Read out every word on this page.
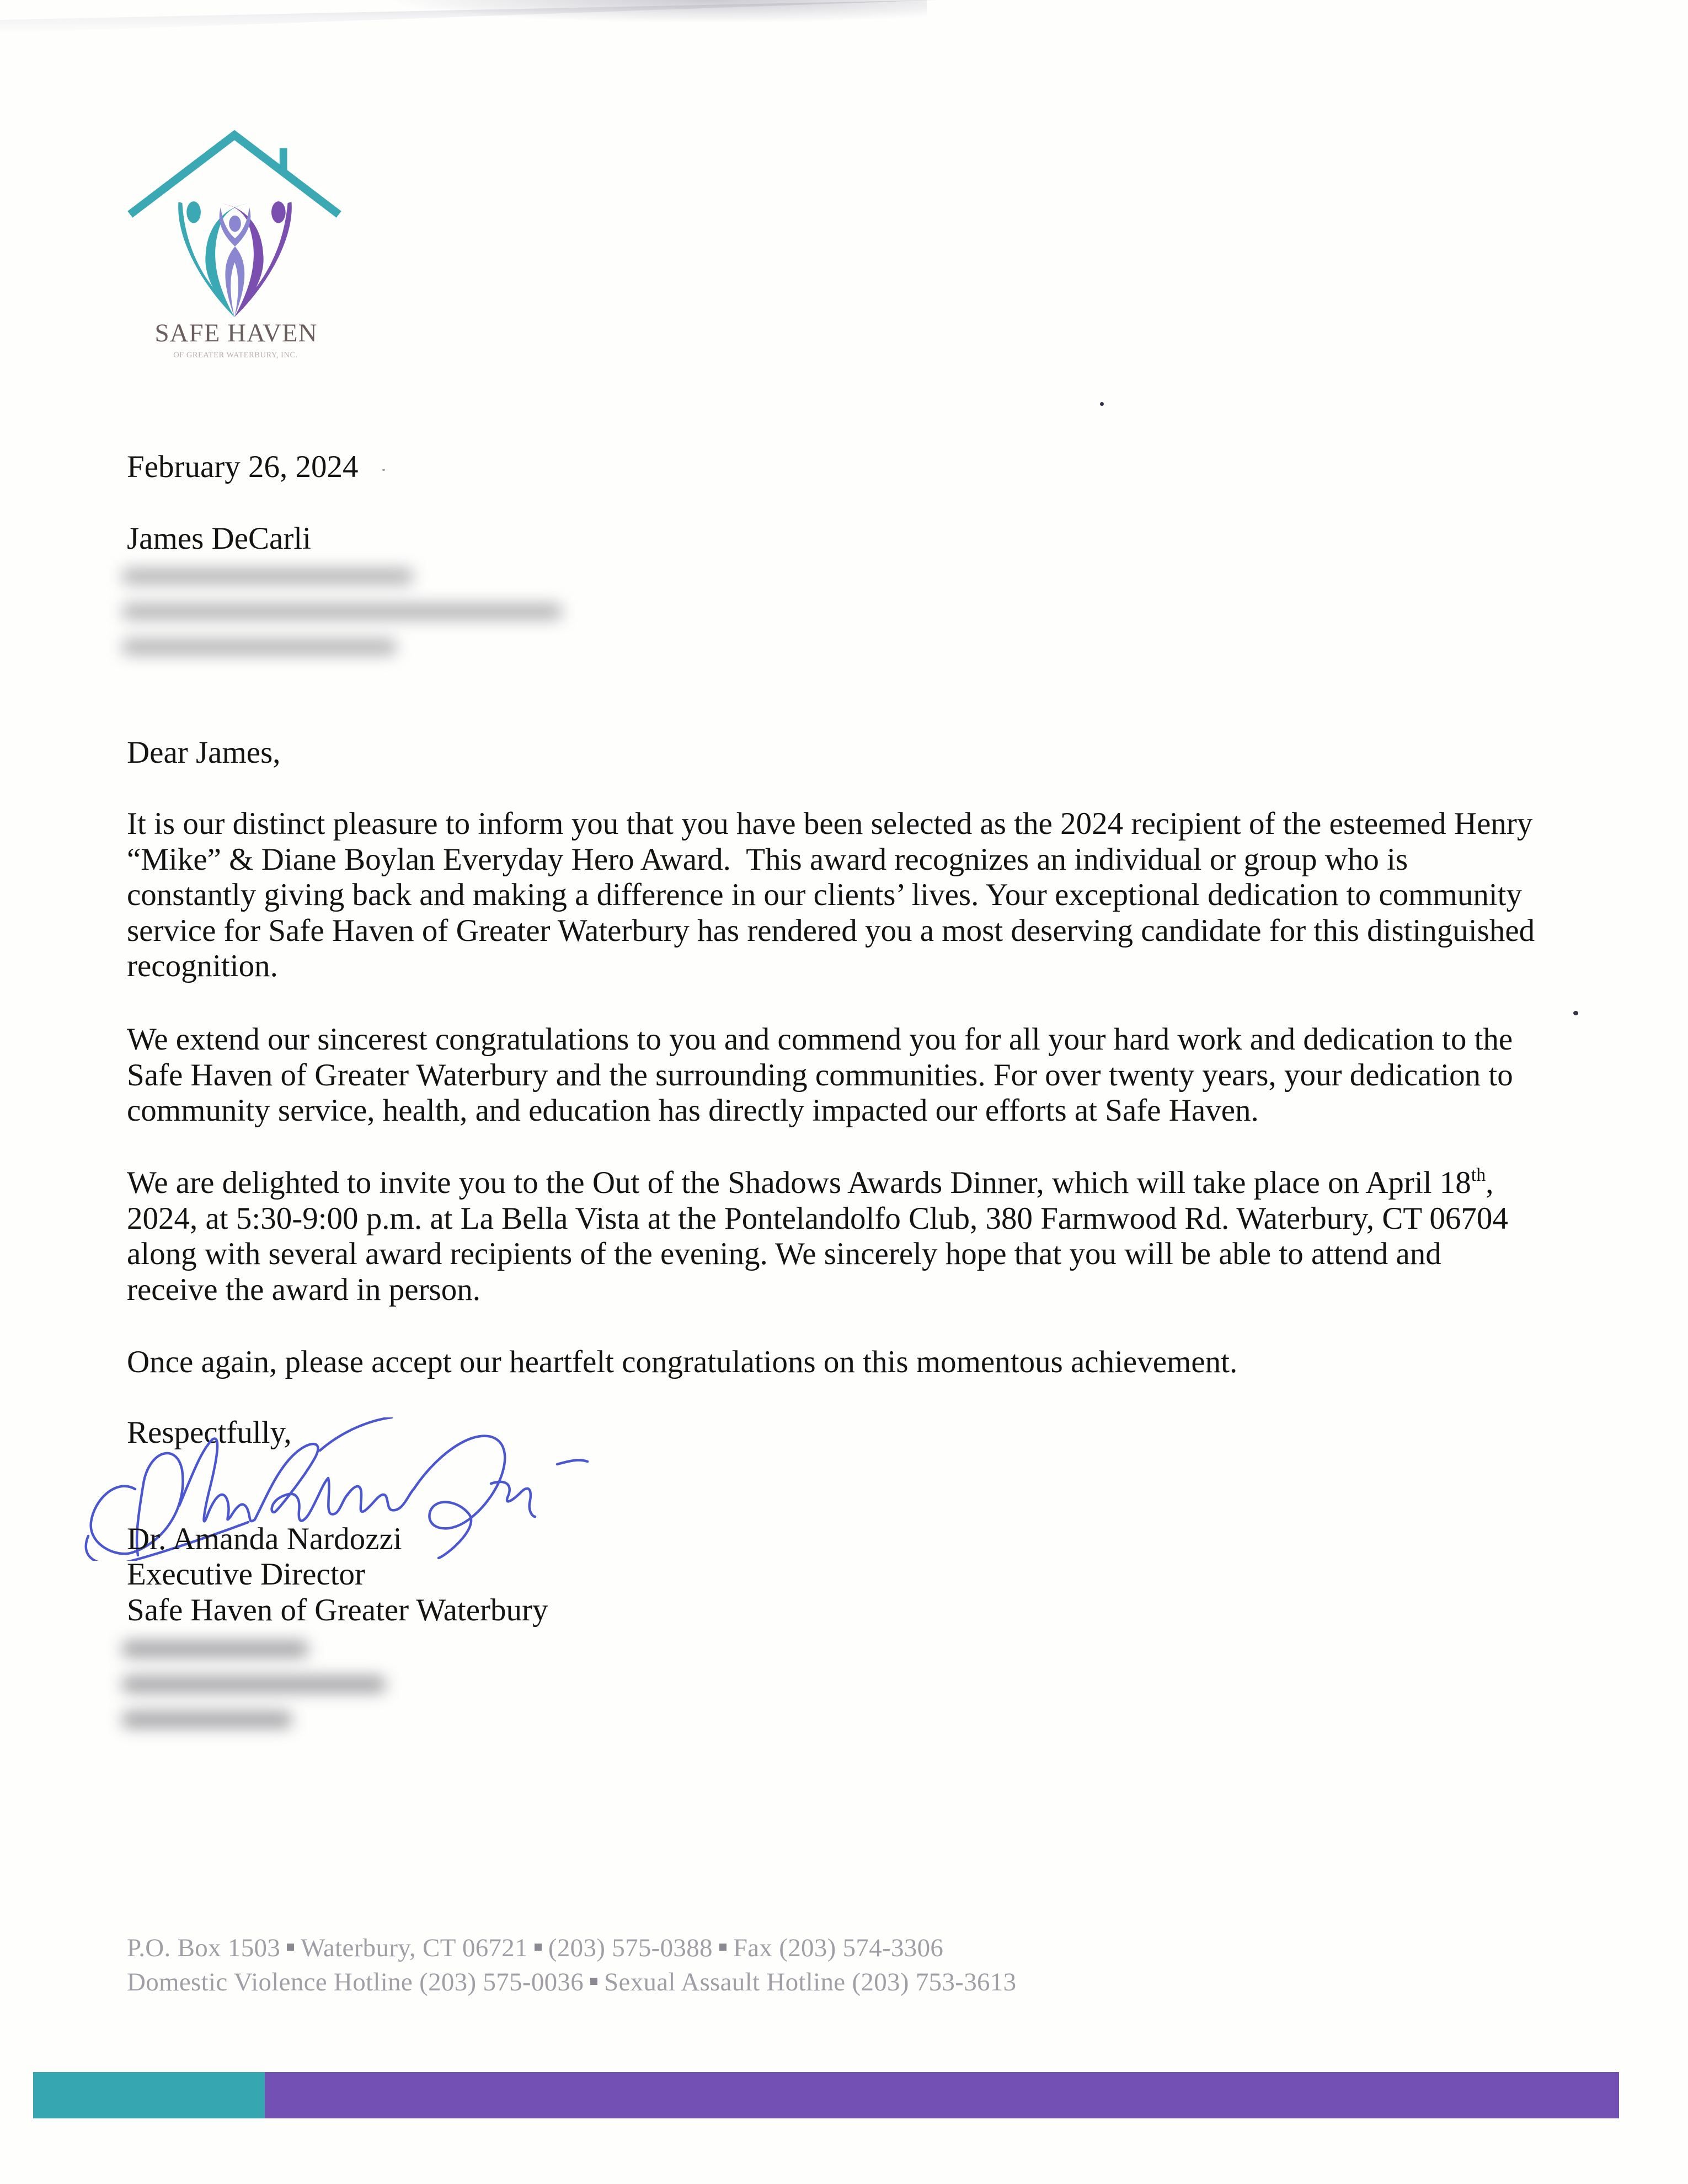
SAFE HAVEN
OF GREATER WATERBURY, INC.
February 26, 2024
James DeCarli
Dear James,
It is our distinct pleasure to inform you that you have been selected as the 2024 recipient of the esteemed Henry
“Mike” & Diane Boylan Everyday Hero Award.  This award recognizes an individual or group who is
constantly giving back and making a difference in our clients’ lives. Your exceptional dedication to community
service for Safe Haven of Greater Waterbury has rendered you a most deserving candidate for this distinguished
recognition.
We extend our sincerest congratulations to you and commend you for all your hard work and dedication to the
Safe Haven of Greater Waterbury and the surrounding communities. For over twenty years, your dedication to
community service, health, and education has directly impacted our efforts at Safe Haven.
We are delighted to invite you to the Out of the Shadows Awards Dinner, which will take place on April 18th,
2024, at 5:30-9:00 p.m. at La Bella Vista at the Pontelandolfo Club, 380 Farmwood Rd. Waterbury, CT 06704
along with several award recipients of the evening. We sincerely hope that you will be able to attend and
receive the award in person.
Once again, please accept our heartfelt congratulations on this momentous achievement.
Respectfully,
Dr. Amanda Nardozzi
Executive Director
Safe Haven of Greater Waterbury
P.O. Box 1503 Waterbury, CT 06721 (203) 575-0388 Fax (203) 574-3306
Domestic Violence Hotline (203) 575-0036 Sexual Assault Hotline (203) 753-3613
